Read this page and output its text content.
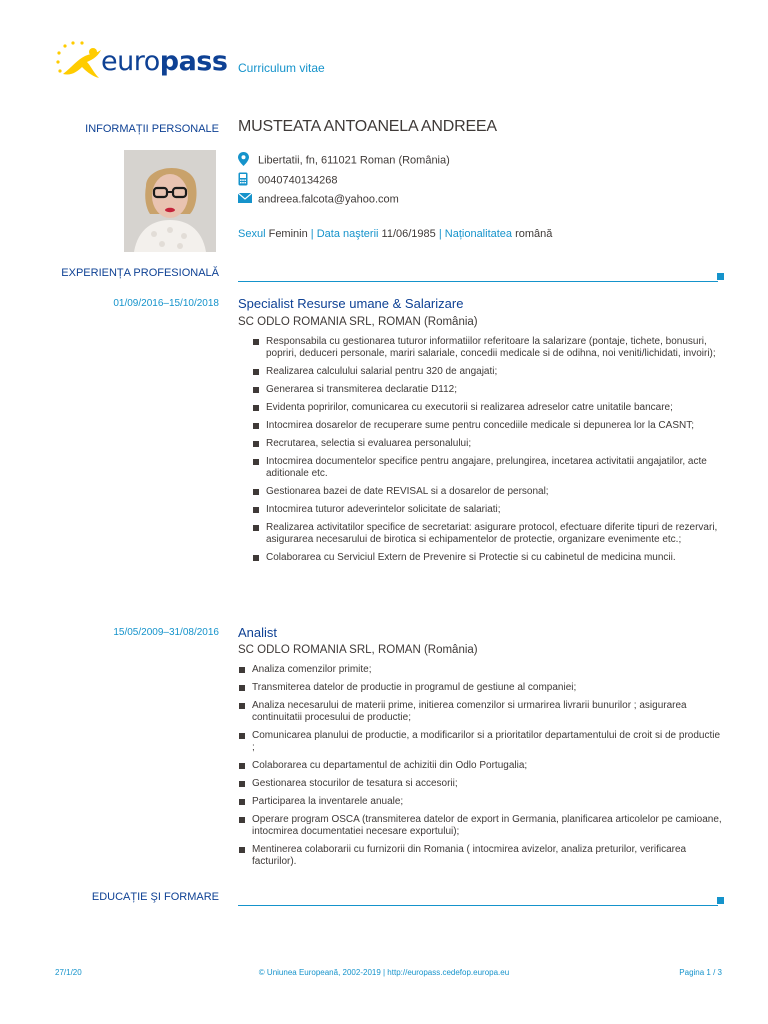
europass Curriculum vitae
INFORMAȚII PERSONALE MUSTEATA ANTOANELA ANDREEA
Libertatii, fn, 611021 Roman (România)
0040740134268
andreea.falcota@yahoo.com
Sexul Feminin | Data naşterii 11/06/1985 | Naționalitatea română
EXPERIENȚA PROFESIONALĂ
01/09/2016–15/10/2018 Specialist Resurse umane & Salarizare
SC ODLO ROMANIA SRL, ROMAN (România)
Responsabila cu gestionarea tuturor informatiilor referitoare la salarizare (pontaje, tichete, bonusuri, popriri, deduceri personale, mariri salariale, concedii medicale si de odihna, noi veniti/lichidati, invoiri);
Realizarea calculului salarial pentru 320 de angajati;
Generarea si transmiterea declaratie D112;
Evidenta popririlor, comunicarea cu executorii si realizarea adreselor catre unitatile bancare;
Intocmirea dosarelor de recuperare sume pentru concediile medicale si depunerea lor la CASNT;
Recrutarea, selectia si evaluarea personalului;
Intocmirea documentelor specifice pentru angajare, prelungirea, incetarea activitatii angajatilor, acte aditionale etc.
Gestionarea bazei de date REVISAL si a dosarelor de personal;
Intocmirea tuturor adeverintelor solicitate de salariati;
Realizarea activitatilor specifice de secretariat: asigurare protocol, efectuare diferite tipuri de rezervari, asigurarea necesarului de birotica si echipamentelor de protectie, organizare evenimente etc.;
Colaborarea cu Serviciul Extern de Prevenire si Protectie si cu cabinetul de medicina muncii.
15/05/2009–31/08/2016 Analist
SC ODLO ROMANIA SRL, ROMAN (România)
Analiza comenzilor primite;
Transmiterea datelor de productie in programul de gestiune al companiei;
Analiza necesarului de materii prime, initierea comenzilor si urmarirea livrarii bunurilor ; asigurarea continuitatii procesului de productie;
Comunicarea planului de productie, a modificarilor si a prioritatilor departamentului de croit si de productie ;
Colaborarea cu departamentul de achizitii din Odlo Portugalia;
Gestionarea stocurilor de tesatura si accesorii;
Participarea la inventarele anuale;
Operare program OSCA (transmiterea datelor de export in Germania, planificarea articolelor pe camioane, intocmirea documentatiei necesare exportului);
Mentinerea colaborarii cu furnizorii din Romania ( intocmirea avizelor, analiza preturilor, verificarea facturilor).
EDUCAȚIE ŞI FORMARE
27/1/20	© Uniunea Europeană, 2002-2019 | http://europass.cedefop.europa.eu	Pagina 1 / 3
